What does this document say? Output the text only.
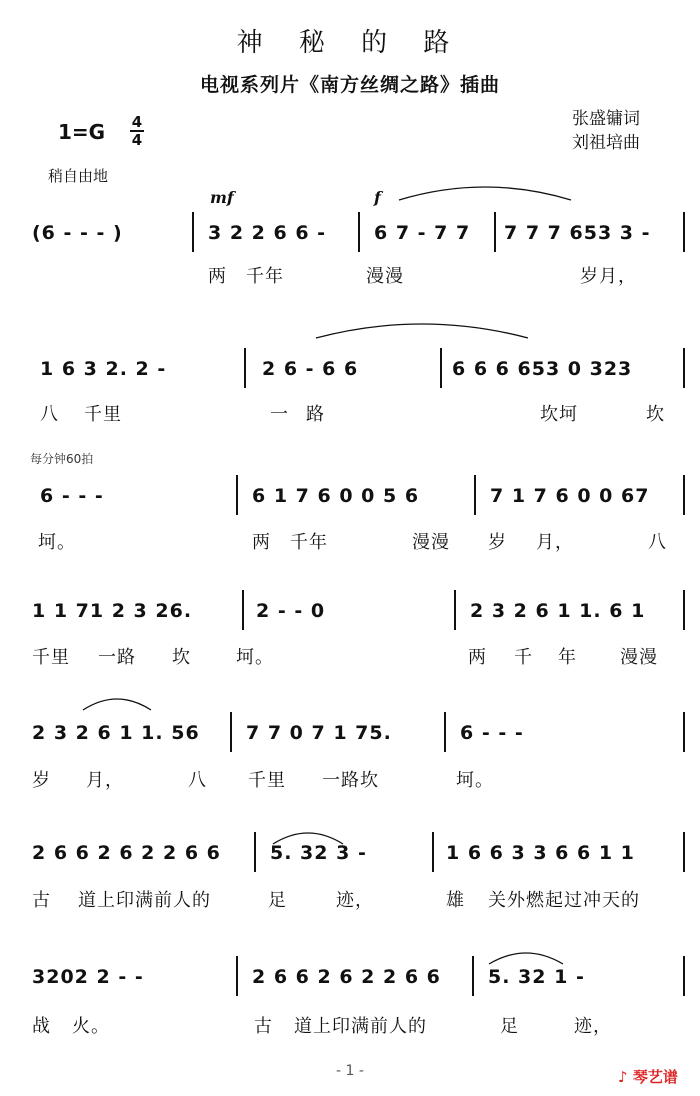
神 秘 的 路
电视系列片《南方丝绸之路》插曲
张盛镛词
刘祖培曲
1=G 4
4
稍自由地
mf	f
(6 - - - )	3 2 2 6 6 -	6 7 - 7 7 7 7 7 653 3 -
两 千年	漫漫	岁月，
1 6 3 2. 2 -	2 6 - 6 6	6 6 6 653 0 323
八 千里	一 路	坎坷	坎
每分钟60拍
6 - - -	6 1 7 6 0 0 5 6	7 1 7 6 0 0 67
坷。	两 千年	漫漫 岁 月，	八
1 1 71 2 3 26.	2 - - 0	2 3 2 6 1 1. 6 1
千里 一路 坎	坷。	两 千 年 漫漫
2 3 2 6 1 1. 56 7 7 0 7 1 75.	6 - - -
岁 月，	八 千里 一路坎	坷。
2 6 6 2 6 2 2 6 6	5. 32 3 -	1 6 6 3 3 6 6 1 1
古 道上印满前人的	足	迹，	雄 关外燃起过冲天的
3202 2 - -	2 6 6 2 6 2 2 6 6 5. 32 1 -
战 火。	古 道上印满前人的	足	迹，
- 1 -	♪ 琴艺谱
